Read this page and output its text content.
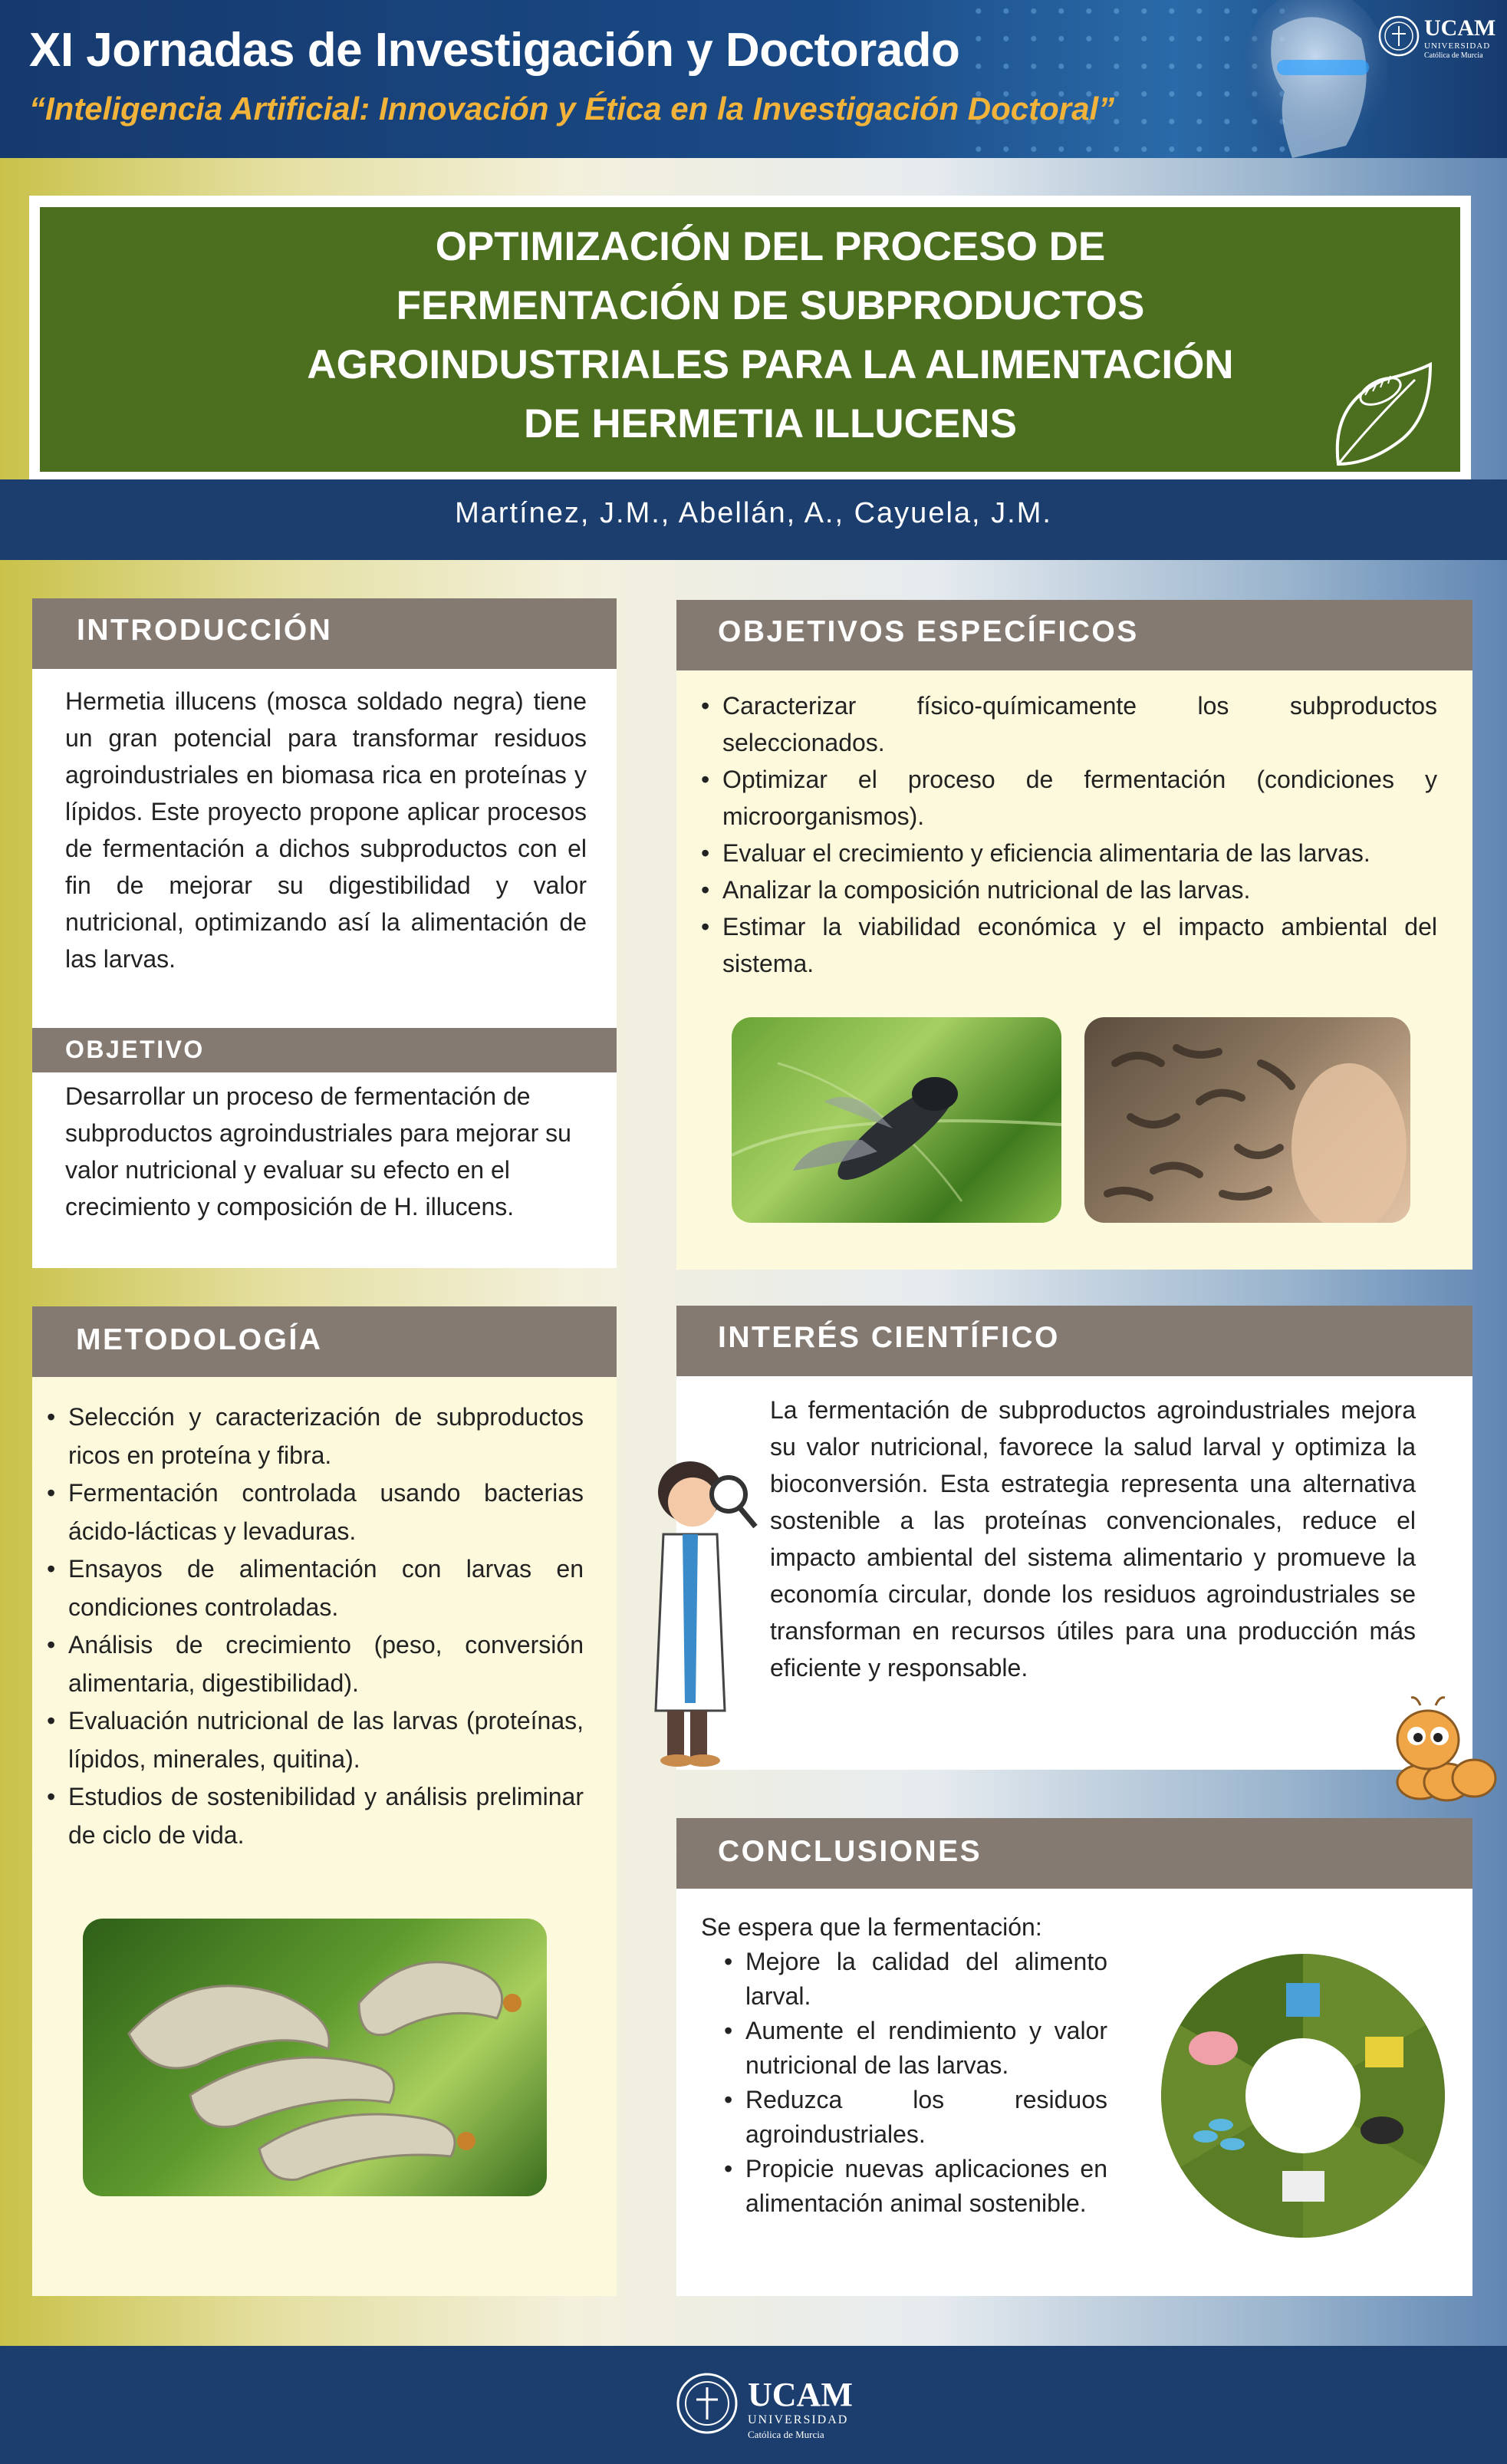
XI Jornadas de Investigación y Doctorado
“Inteligencia Artificial: Innovación y Ética en la Investigación Doctoral”
UCAM
UNIVERSIDAD
Católica de Murcia
OPTIMIZACIÓN DEL PROCESO DE
FERMENTACIÓN DE SUBPRODUCTOS
AGROINDUSTRIALES PARA LA ALIMENTACIÓN
DE HERMETIA ILLUCENS
Martínez, J.M., Abellán, A., Cayuela, J.M.
INTRODUCCIÓN
Hermetia illucens (mosca soldado negra) tiene un gran potencial para transformar residuos agroindustriales en biomasa rica en proteínas y lípidos. Este proyecto propone aplicar procesos de fermentación a dichos subproductos con el fin de mejorar su digestibilidad y valor nutricional, optimizando así la alimentación de las larvas.
OBJETIVO
Desarrollar un proceso de fermentación de subproductos agroindustriales para mejorar su valor nutricional y evaluar su efecto en el crecimiento y composición de H. illucens.
OBJETIVOS ESPECÍFICOS
• Caracterizar físico-químicamente los subproductos seleccionados.
• Optimizar el proceso de fermentación (condiciones y microorganismos).
• Evaluar el crecimiento y eficiencia alimentaria de las larvas.
• Analizar la composición nutricional de las larvas.
• Estimar la viabilidad económica y el impacto ambiental del sistema.
METODOLOGÍA
• Selección y caracterización de subproductos ricos en proteína y fibra.
• Fermentación controlada usando bacterias ácido-lácticas y levaduras.
• Ensayos de alimentación con larvas en condiciones controladas.
• Análisis de crecimiento (peso, conversión alimentaria, digestibilidad).
• Evaluación nutricional de las larvas (proteínas, lípidos, minerales, quitina).
• Estudios de sostenibilidad y análisis preliminar de ciclo de vida.
INTERÉS CIENTÍFICO
La fermentación de subproductos agroindustriales mejora su valor nutricional, favorece la salud larval y optimiza la bioconversión. Esta estrategia representa una alternativa sostenible a las proteínas convencionales, reduce el impacto ambiental del sistema alimentario y promueve la economía circular, donde los residuos agroindustriales se transforman en recursos útiles para una producción más eficiente y responsable.
CONCLUSIONES
Se espera que la fermentación:
• Mejore la calidad del alimento larval.
• Aumente el rendimiento y valor nutricional de las larvas.
• Reduzca los residuos agroindustriales.
• Propicie nuevas aplicaciones en alimentación animal sostenible.
UCAM
UNIVERSIDAD
Católica de Murcia
